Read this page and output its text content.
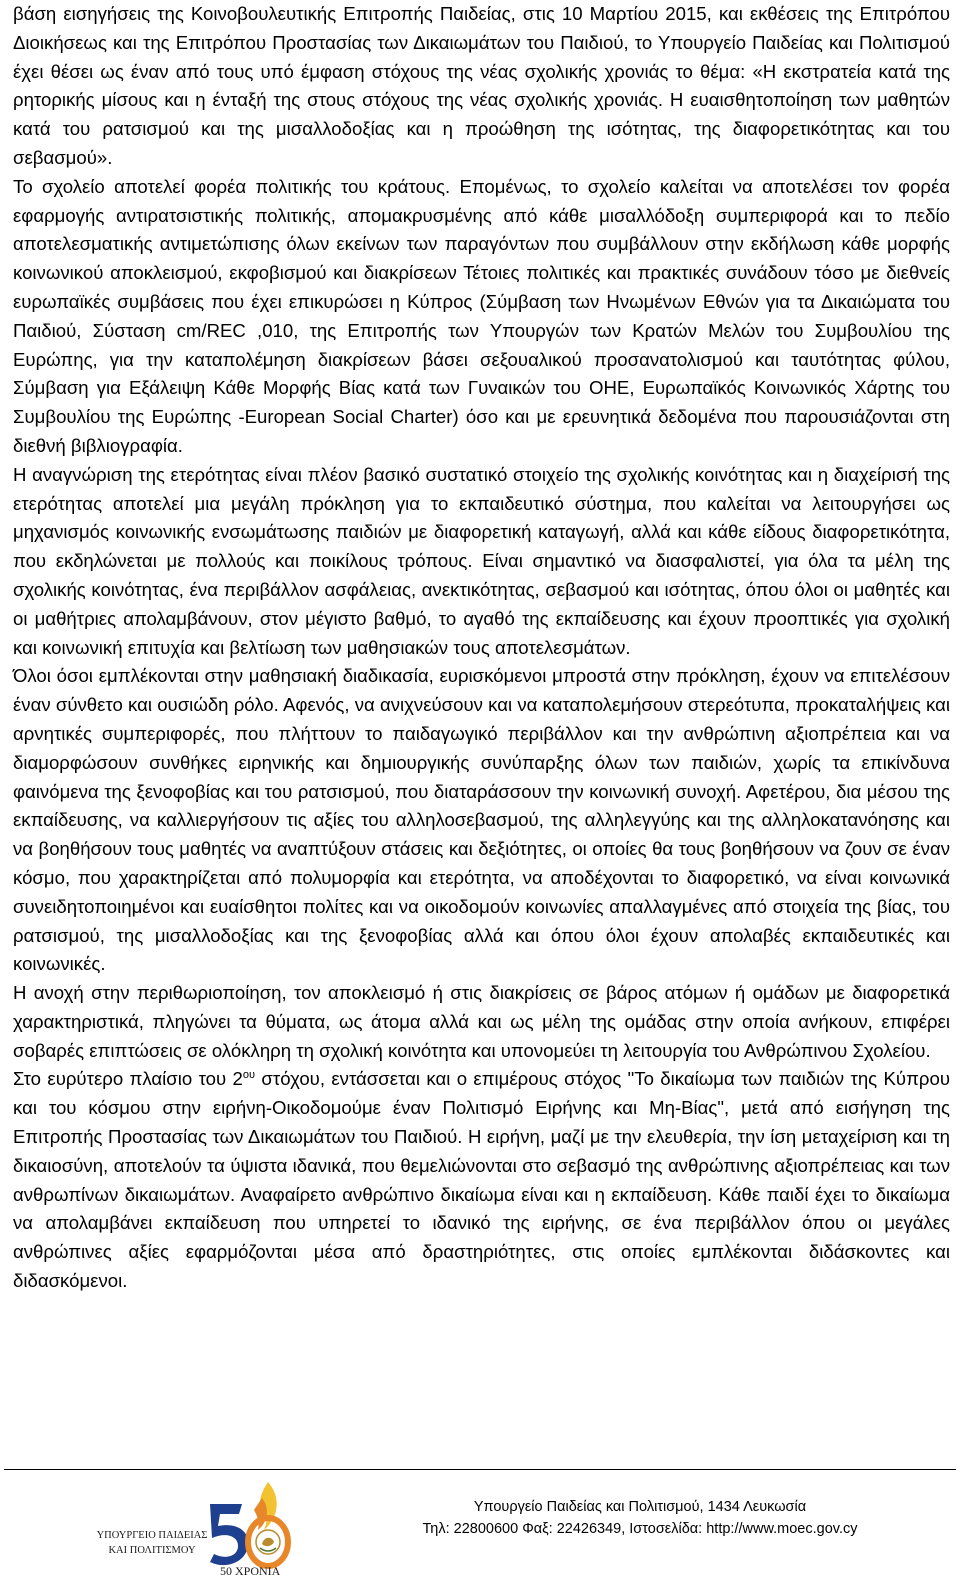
βάση εισηγήσεις της Κοινοβουλευτικής Επιτροπής Παιδείας, στις 10 Μαρτίου 2015, και εκθέσεις της Επιτρόπου Διοικήσεως και της Επιτρόπου Προστασίας των Δικαιωμάτων του Παιδιού, το Υπουργείο Παιδείας και Πολιτισμού έχει θέσει ως έναν από τους υπό έμφαση στόχους της νέας σχολικής χρονιάς το θέμα: «Η εκστρατεία κατά της ρητορικής μίσους και η ένταξή της στους στόχους της νέας σχολικής χρονιάς. Η ευαισθητοποίηση των μαθητών κατά του ρατσισμού και της μισαλλοδοξίας και η προώθηση της ισότητας, της διαφορετικότητας και του σεβασμού».

Το σχολείο αποτελεί φορέα πολιτικής του κράτους. Επομένως, το σχολείο καλείται να αποτελέσει τον φορέα εφαρμογής αντιρατσιστικής πολιτικής, απομακρυσμένης από κάθε μισαλλόδοξη συμπεριφορά και το πεδίο αποτελεσματικής αντιμετώπισης όλων εκείνων των παραγόντων που συμβάλλουν στην εκδήλωση κάθε μορφής κοινωνικού αποκλεισμού, εκφοβισμού και διακρίσεων Τέτοιες πολιτικές και πρακτικές συνάδουν τόσο με διεθνείς ευρωπαϊκές συμβάσεις που έχει επικυρώσει η Κύπρος (Σύμβαση των Ηνωμένων Εθνών για τα Δικαιώματα του Παιδιού, Σύσταση cm/REC ,010, της Επιτροπής των Υπουργών των Κρατών Μελών του Συμβουλίου της Ευρώπης, για την καταπολέμηση διακρίσεων βάσει σεξουαλικού προσανατολισμού και ταυτότητας φύλου, Σύμβαση για Εξάλειψη Κάθε Μορφής Βίας κατά των Γυναικών του ΟΗΕ, Ευρωπαϊκός Κοινωνικός Χάρτης του Συμβουλίου της Ευρώπης -European Social Charter) όσο και με ερευνητικά δεδομένα που παρουσιάζονται στη διεθνή βιβλιογραφία.

Η αναγνώριση της ετερότητας είναι πλέον βασικό συστατικό στοιχείο της σχολικής κοινότητας και η διαχείρισή της ετερότητας αποτελεί μια μεγάλη πρόκληση για το εκπαιδευτικό σύστημα, που καλείται να λειτουργήσει ως μηχανισμός κοινωνικής ενσωμάτωσης παιδιών με διαφορετική καταγωγή, αλλά και κάθε είδους διαφορετικότητα, που εκδηλώνεται με πολλούς και ποικίλους τρόπους. Είναι σημαντικό να διασφαλιστεί, για όλα τα μέλη της σχολικής κοινότητας, ένα περιβάλλον ασφάλειας, ανεκτικότητας, σεβασμού και ισότητας, όπου όλοι οι μαθητές και οι μαθήτριες απολαμβάνουν, στον μέγιστο βαθμό, το αγαθό της εκπαίδευσης και έχουν προοπτικές για σχολική και κοινωνική επιτυχία και βελτίωση των μαθησιακών τους αποτελεσμάτων.

Όλοι όσοι εμπλέκονται στην μαθησιακή διαδικασία, ευρισκόμενοι μπροστά στην πρόκληση, έχουν να επιτελέσουν έναν σύνθετο και ουσιώδη ρόλο. Αφενός, να ανιχνεύσουν και να καταπολεμήσουν στερεότυπα, προκαταλήψεις και αρνητικές συμπεριφορές, που πλήττουν το παιδαγωγικό περιβάλλον και την ανθρώπινη αξιοπρέπεια και να διαμορφώσουν συνθήκες ειρηνικής και δημιουργικής συνύπαρξης όλων των παιδιών, χωρίς τα επικίνδυνα φαινόμενα της ξενοφοβίας και του ρατσισμού, που διαταράσσουν την κοινωνική συνοχή. Αφετέρου, δια μέσου της εκπαίδευσης, να καλλιεργήσουν τις αξίες του αλληλοσεβασμού, της αλληλεγγύης και της αλληλοκατανόησης και να βοηθήσουν τους μαθητές να αναπτύξουν στάσεις και δεξιότητες, οι οποίες θα τους βοηθήσουν να ζουν σε έναν κόσμο, που χαρακτηρίζεται από πολυμορφία και ετερότητα, να αποδέχονται το διαφορετικό, να είναι κοινωνικά συνειδητοποιημένοι και ευαίσθητοι πολίτες και να οικοδομούν κοινωνίες απαλλαγμένες από στοιχεία της βίας, του ρατσισμού, της μισαλλοδοξίας και της ξενοφοβίας αλλά και όπου όλοι έχουν απολαβές εκπαιδευτικές και κοινωνικές.

Η ανοχή στην περιθωριοποίηση, τον αποκλεισμό ή στις διακρίσεις σε βάρος ατόμων ή ομάδων με διαφορετικά χαρακτηριστικά, πληγώνει τα θύματα, ως άτομα αλλά και ως μέλη της ομάδας στην οποία ανήκουν, επιφέρει σοβαρές επιπτώσεις σε ολόκληρη τη σχολική κοινότητα και υπονομεύει τη λειτουργία του Ανθρώπινου Σχολείου.

Στο ευρύτερο πλαίσιο του $2^{o\upsilon}$ στόχου, εντάσσεται και ο επιμέρους στόχος "Το δικαίωμα των παιδιών της Κύπρου και του κόσμου στην ειρήνη-Οικοδομούμε έναν Πολιτισμό Ειρήνης και Μη-Βίας", μετά από εισήγηση της Επιτροπής Προστασίας των Δικαιωμάτων του Παιδιού. Η ειρήνη, μαζί με την ελευθερία, την ίση μεταχείριση και τη δικαιοσύνη, αποτελούν τα ύψιστα ιδανικά, που θεμελιώνονται στο σεβασμό της ανθρώπινης αξιοπρέπειας και των ανθρωπίνων δικαιωμάτων. Αναφαίρετο ανθρώπινο δικαίωμα είναι και η εκπαίδευση. Κάθε παιδί έχει το δικαίωμα να απολαμβάνει εκπαίδευση που υπηρετεί το ιδανικό της ειρήνης, σε ένα περιβάλλον όπου οι μεγάλες ανθρώπινες αξίες εφαρμόζονται μέσα από δραστηριότητες, στις οποίες εμπλέκονται διδάσκοντες και διδασκόμενοι.

ΥΠΟΥΡΓΕΙΟ ΠΑΙΔΕΙΑΣ
ΚΑΙ ΠΟΛΙΤΙΣΜΟΥ
50 ΧΡΟΝΙΑ
Υπουργείο Παιδείας και Πολιτισμού, 1434 Λευκωσία
Τηλ: 22800600 Φαξ: 22426349, Ιστοσελίδα: http://www.moec.gov.cy
